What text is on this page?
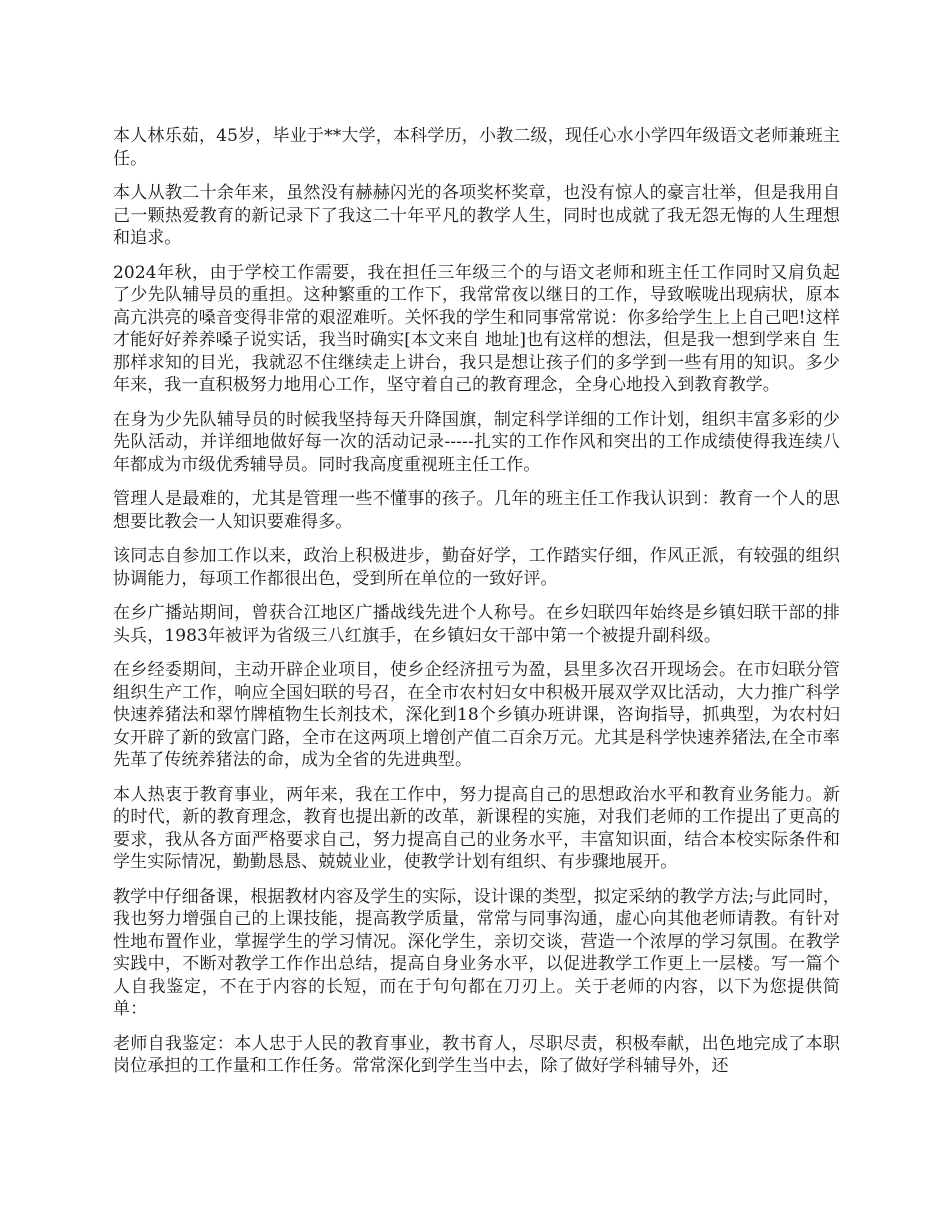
本人林乐茹，45岁，毕业于**大学，本科学历，小教二级，现任心水小学四年级语文老师兼班主任。

本人从教二十余年来，虽然没有赫赫闪光的各项奖杯奖章，也没有惊人的豪言壮举，但是我用自己一颗热爱教育的新记录下了我这二十年平凡的教学人生，同时也成就了我无怨无悔的人生理想和追求。

2024年秋，由于学校工作需要，我在担任三年级三个的与语文老师和班主任工作同时又肩负起了少先队辅导员的重担。这种繁重的工作下，我常常夜以继日的工作，导致喉咙出现病状，原本高亢洪亮的嗓音变得非常的艰涩难听。关怀我的学生和同事常常说：你多给学生上上自己吧!这样才能好好养养嗓子说实话，我当时确实[本文来自 地址]也有这样的想法，但是我一想到学来自 生那样求知的目光，我就忍不住继续走上讲台，我只是想让孩子们的多学到一些有用的知识。多少年来，我一直积极努力地用心工作，坚守着自己的教育理念，全身心地投入到教育教学。

在身为少先队辅导员的时候我坚持每天升降国旗，制定科学详细的工作计划，组织丰富多彩的少先队活动，并详细地做好每一次的活动记录-----扎实的工作作风和突出的工作成绩使得我连续八年都成为市级优秀辅导员。同时我高度重视班主任工作。

管理人是最难的，尤其是管理一些不懂事的孩子。几年的班主任工作我认识到：教育一个人的思想要比教会一人知识要难得多。

该同志自参加工作以来，政治上积极进步，勤奋好学，工作踏实仔细，作风正派，有较强的组织协调能力，每项工作都很出色，受到所在单位的一致好评。

在乡广播站期间，曾获合江地区广播战线先进个人称号。在乡妇联四年始终是乡镇妇联干部的排头兵，1983年被评为省级三八红旗手，在乡镇妇女干部中第一个被提升副科级。

在乡经委期间，主动开辟企业项目，使乡企经济扭亏为盈，县里多次召开现场会。在市妇联分管组织生产工作，响应全国妇联的号召，在全市农村妇女中积极开展双学双比活动，大力推广科学快速养猪法和翠竹牌植物生长剂技术，深化到18个乡镇办班讲课，咨询指导，抓典型，为农村妇女开辟了新的致富门路，全市在这两项上增创产值二百余万元。尤其是科学快速养猪法,在全市率先革了传统养猪法的命，成为全省的先进典型。

本人热衷于教育事业，两年来，我在工作中，努力提高自己的思想政治水平和教育业务能力。新的时代，新的教育理念，教育也提出新的改革，新课程的实施，对我们老师的工作提出了更高的要求，我从各方面严格要求自己，努力提高自己的业务水平，丰富知识面，结合本校实际条件和学生实际情况，勤勤恳恳、兢兢业业，使教学计划有组织、有步骤地展开。

教学中仔细备课，根据教材内容及学生的实际，设计课的类型，拟定采纳的教学方法;与此同时，我也努力增强自己的上课技能，提高教学质量，常常与同事沟通，虚心向其他老师请教。有针对性地布置作业，掌握学生的学习情况。深化学生，亲切交谈，营造一个浓厚的学习氛围。在教学实践中，不断对教学工作作出总结，提高自身业务水平，以促进教学工作更上一层楼。写一篇个人自我鉴定，不在于内容的长短，而在于句句都在刀刃上。关于老师的内容，以下为您提供简单：

老师自我鉴定：本人忠于人民的教育事业，教书育人，尽职尽责，积极奉献，出色地完成了本职岗位承担的工作量和工作任务。常常深化到学生当中去，除了做好学科辅导外，还
